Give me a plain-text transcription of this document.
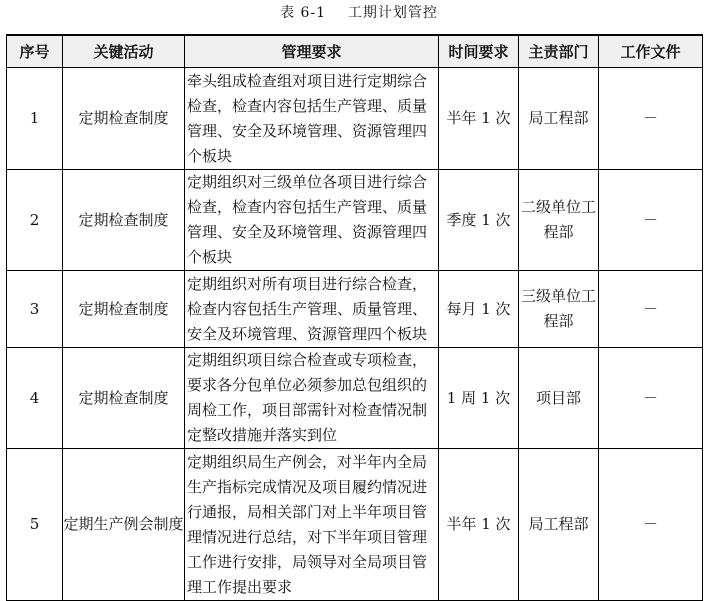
表 6-1 工期计划管控
序号	关键活动	管理要求	时间要求	主责部门	工作文件
1	定期检查制度	牵头组成检查组对项目进行定期综合检查，检查内容包括生产管理、质量管理、安全及环境管理、资源管理四个板块	半年 1 次	局工程部	－
2	定期检查制度	定期组织对三级单位各项目进行综合检查，检查内容包括生产管理、质量管理、安全及环境管理、资源管理四个板块	季度 1 次	二级单位工程部	－
3	定期检查制度	定期组织对所有项目进行综合检查，检查内容包括生产管理、质量管理、安全及环境管理、资源管理四个板块	每月 1 次	三级单位工程部	－
4	定期检查制度	定期组织项目综合检查或专项检查，要求各分包单位必须参加总包组织的周检工作，项目部需针对检查情况制定整改措施并落实到位	1 周 1 次	项目部	－
5	定期生产例会制度	定期组织局生产例会，对半年内全局生产指标完成情况及项目履约情况进行通报，局相关部门对上半年项目管理情况进行总结，对下半年项目管理工作进行安排，局领导对全局项目管理工作提出要求	半年 1 次	局工程部	－
